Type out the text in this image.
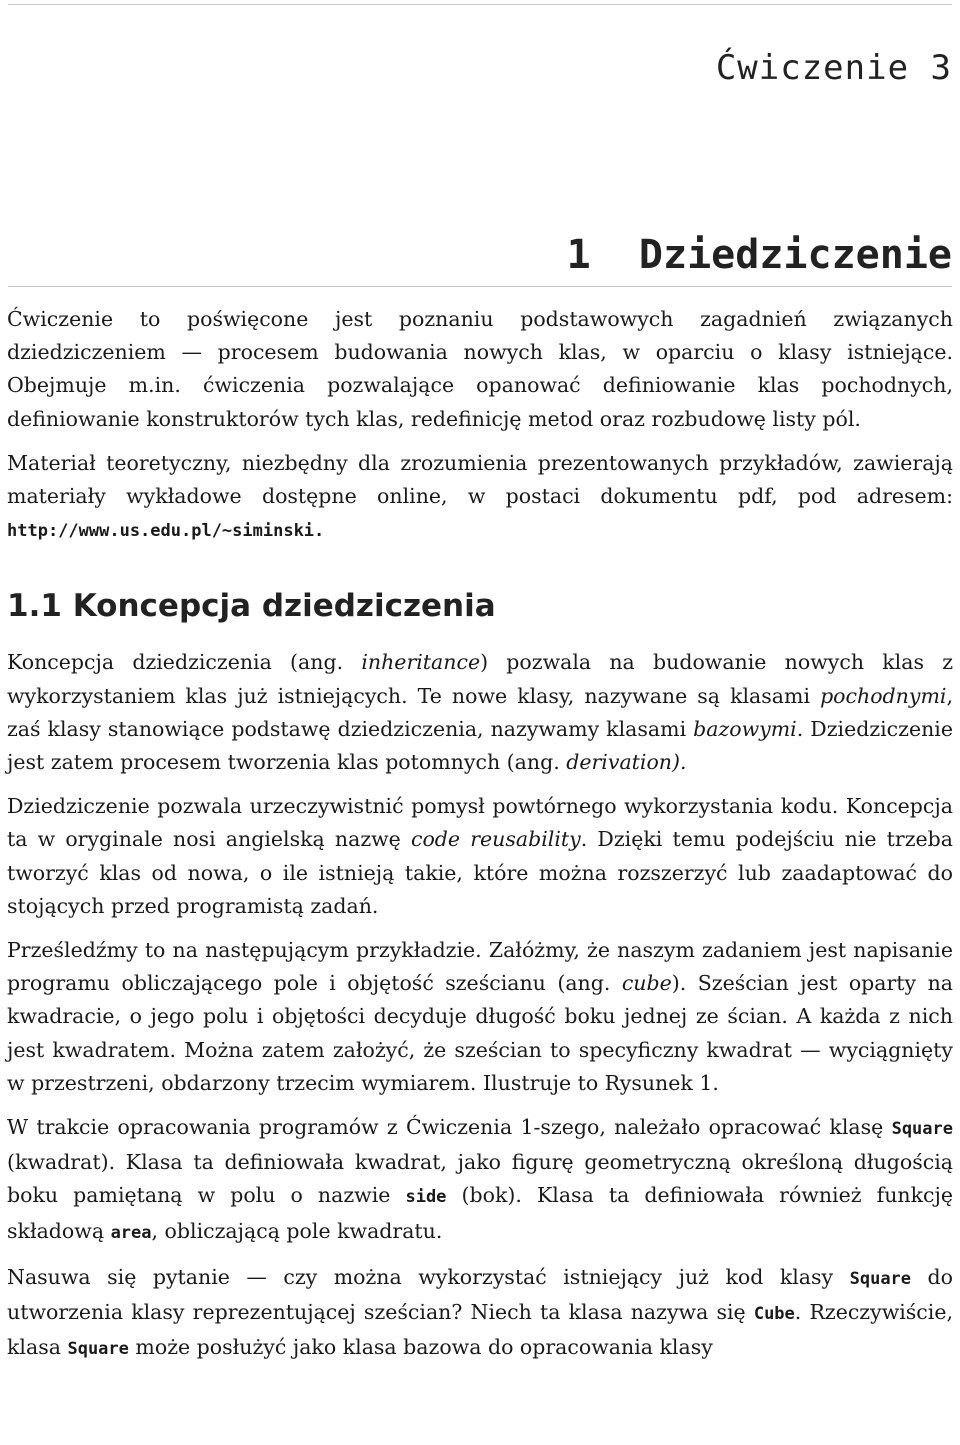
Ćwiczenie 3
1 Dziedziczenie

Ćwiczenie to poświęcone jest poznaniu podstawowych zagadnień związanych dziedziczeniem — procesem budowania nowych klas, w oparciu o klasy istniejące. Obejmuje m.in. ćwiczenia pozwalające opanować definiowanie klas pochodnych, definiowanie konstruktorów tych klas, redefinicję metod oraz rozbudowę listy pól.

Materiał teoretyczny, niezbędny dla zrozumienia prezentowanych przykładów, zawierają materiały wykładowe dostępne online, w postaci dokumentu pdf, pod adresem: http://www.us.edu.pl/~siminski.

1.1 Koncepcja dziedziczenia

Koncepcja dziedziczenia (ang. inheritance) pozwala na budowanie nowych klas z wykorzystaniem klas już istniejących. Te nowe klasy, nazywane są klasami pochodnymi, zaś klasy stanowiące podstawę dziedziczenia, nazywamy klasami bazowymi. Dziedziczenie jest zatem procesem tworzenia klas potomnych (ang. derivation).

Dziedziczenie pozwala urzeczywistnić pomysł powtórnego wykorzystania kodu. Koncepcja ta w oryginale nosi angielską nazwę code reusability. Dzięki temu podejściu nie trzeba tworzyć klas od nowa, o ile istnieją takie, które można rozszerzyć lub zaadaptować do stojących przed programistą zadań.

Prześledźmy to na następującym przykładzie. Załóżmy, że naszym zadaniem jest napisanie programu obliczającego pole i objętość sześcianu (ang. cube). Sześcian jest oparty na kwadracie, o jego polu i objętości decyduje długość boku jednej ze ścian. A każda z nich jest kwadratem. Można zatem założyć, że sześcian to specyficzny kwadrat — wyciągnięty w przestrzeni, obdarzony trzecim wymiarem. Ilustruje to Rysunek 1.

W trakcie opracowania programów z Ćwiczenia 1-szego, należało opracować klasę Square (kwadrat). Klasa ta definiowała kwadrat, jako figurę geometryczną określoną długością boku pamiętaną w polu o nazwie side (bok). Klasa ta definiowała również funkcję składową area, obliczającą pole kwadratu.

Nasuwa się pytanie — czy można wykorzystać istniejący już kod klasy Square do utworzenia klasy reprezentującej sześcian? Niech ta klasa nazywa się Cube. Rzeczywiście, klasa Square może posłużyć jako klasa bazowa do opracowania klasy
